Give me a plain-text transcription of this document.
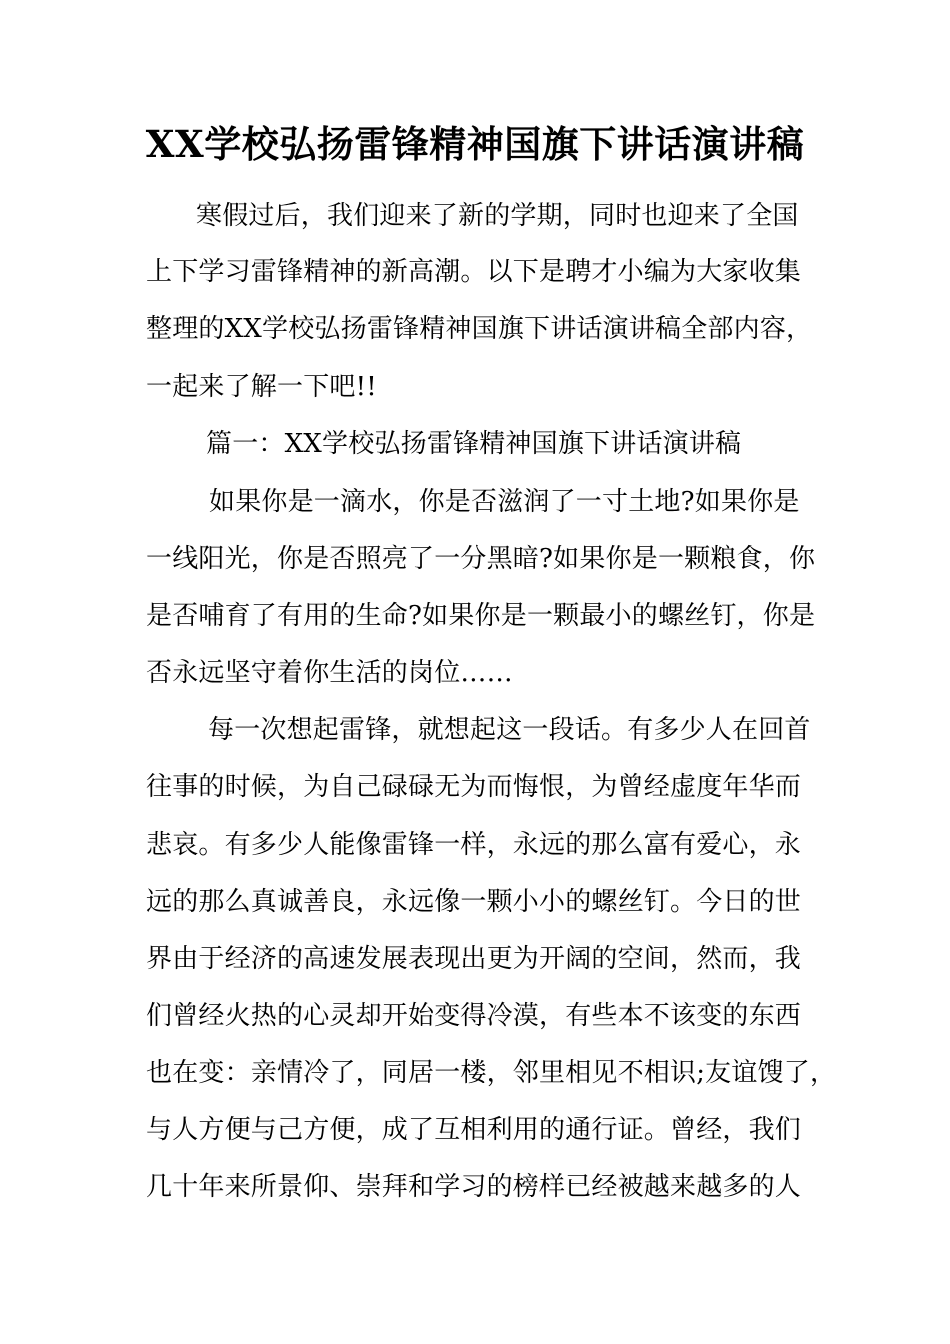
XX学校弘扬雷锋精神国旗下讲话演讲稿
寒假过后，我们迎来了新的学期，同时也迎来了全国
上下学习雷锋精神的新高潮。以下是聘才小编为大家收集
整理的XX学校弘扬雷锋精神国旗下讲话演讲稿全部内容，
一起来了解一下吧!!
篇一：XX学校弘扬雷锋精神国旗下讲话演讲稿
如果你是一滴水，你是否滋润了一寸土地?如果你是
一线阳光，你是否照亮了一分黑暗?如果你是一颗粮食，你
是否哺育了有用的生命?如果你是一颗最小的螺丝钉，你是
否永远坚守着你生活的岗位……
每一次想起雷锋，就想起这一段话。有多少人在回首
往事的时候，为自己碌碌无为而悔恨，为曾经虚度年华而
悲哀。有多少人能像雷锋一样，永远的那么富有爱心，永
远的那么真诚善良，永远像一颗小小的螺丝钉。今日的世
界由于经济的高速发展表现出更为开阔的空间，然而，我
们曾经火热的心灵却开始变得冷漠，有些本不该变的东西
也在变：亲情冷了，同居一楼，邻里相见不相识;友谊馊了，
与人方便与己方便，成了互相利用的通行证。曾经，我们
几十年来所景仰、崇拜和学习的榜样已经被越来越多的人
